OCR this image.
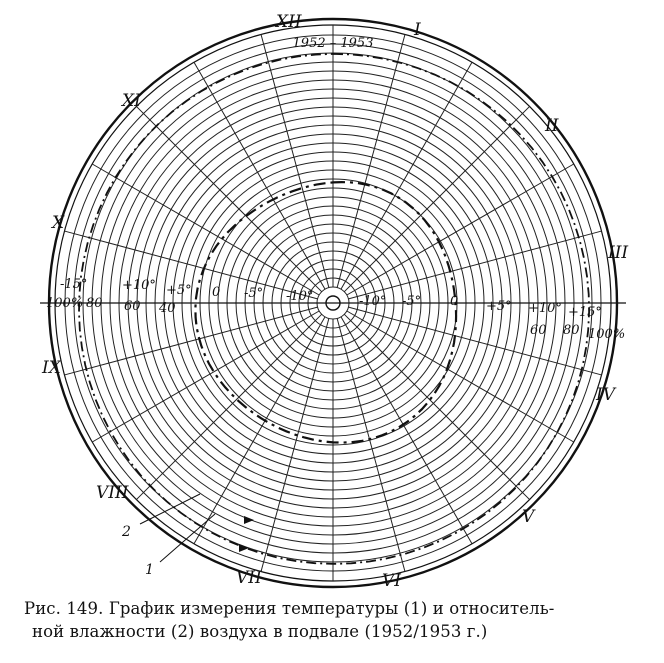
1952 – 1953
XII	I
II
III
IV
V
VI
VII
VIII
IX
X
XI
-15°	+10° +5° 0 -5° -10°	-10° -5° 0 +5° +10° +15°
100% 80 60 40
60 80 100%
2
1
Рис. 149. График измерения температуры (1) и относитель-
ной влажности (2) воздуха в подвале (1952/1953 г.)
